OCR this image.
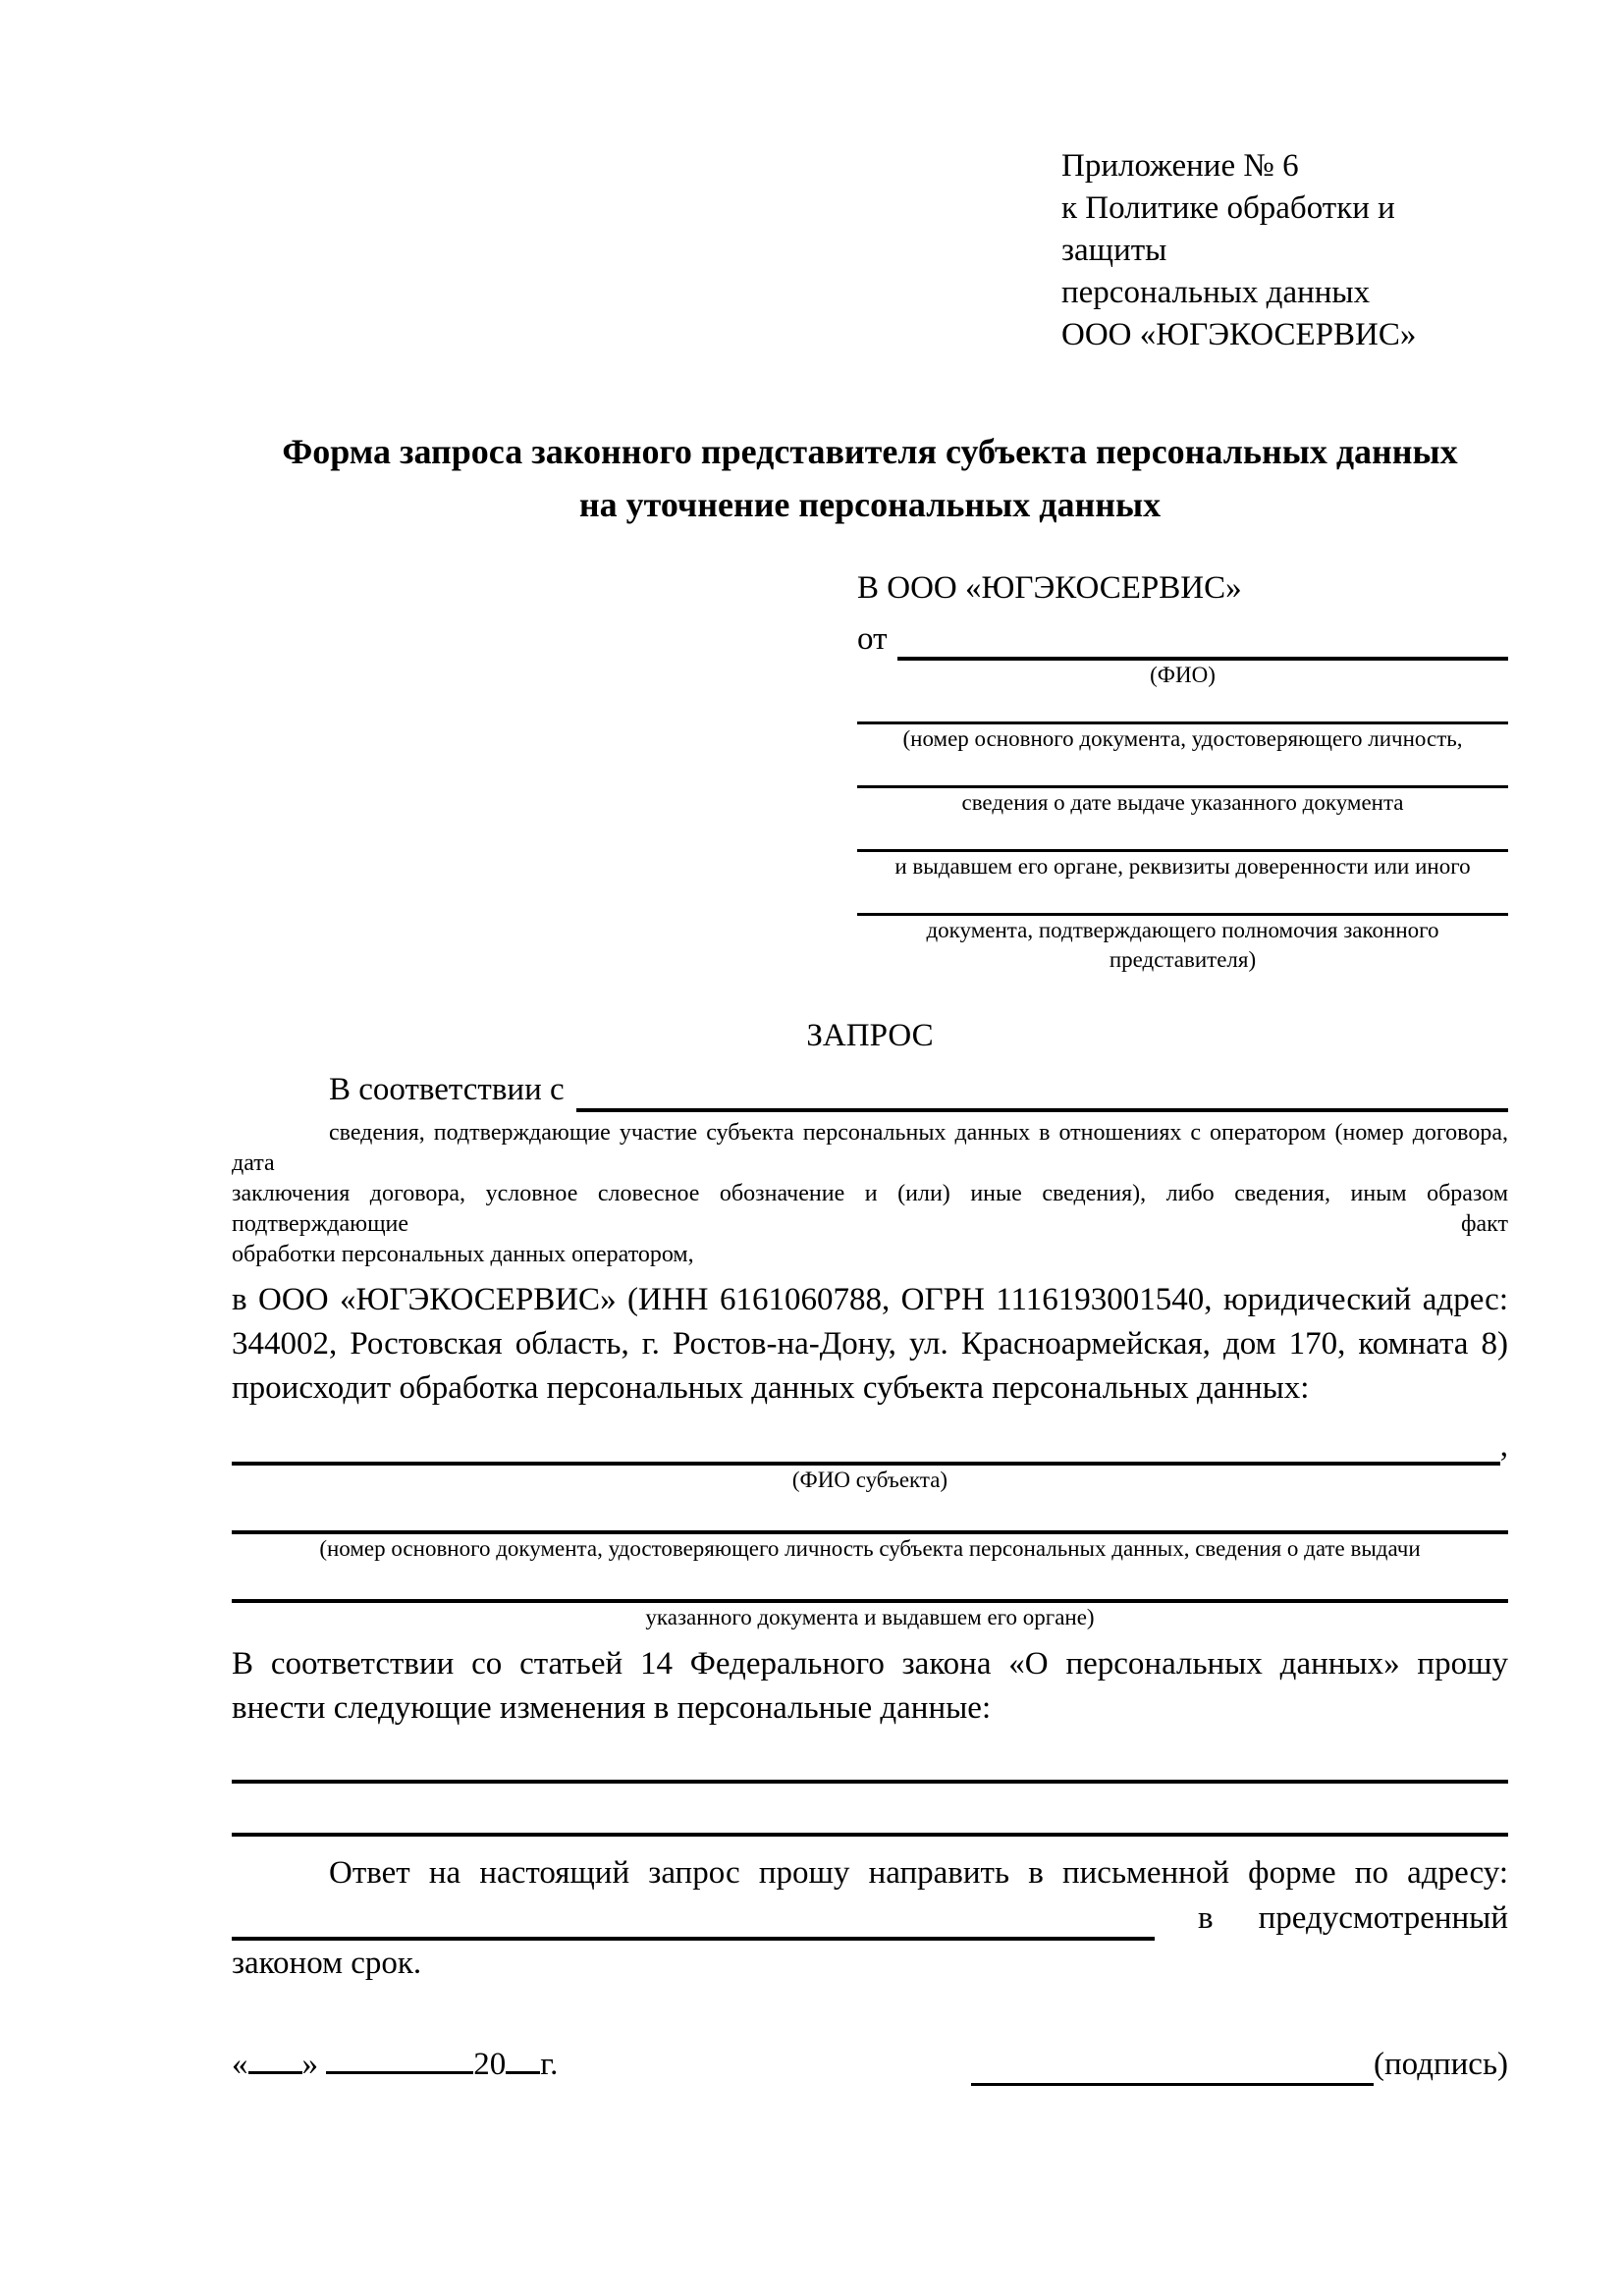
Приложение № 6
к Политике обработки и защиты
персональных данных
ООО «ЮГЭКОСЕРВИС»
Форма запроса законного представителя субъекта персональных данных
на уточнение персональных данных
В ООО «ЮГЭКОСЕРВИС»
от
(ФИО)
(номер основного документа, удостоверяющего личность,
сведения о дате выдаче указанного документа
и выдавшем его органе, реквизиты доверенности или иного
документа, подтверждающего полномочия законного представителя)
ЗАПРОС
В соответствии с
сведения, подтверждающие участие субъекта персональных данных в отношениях с оператором (номер договора, дата
заключения договора, условное словесное обозначение и (или) иные сведения), либо сведения, иным образом подтверждающие факт
обработки персональных данных оператором,
в ООО «ЮГЭКОСЕРВИС» (ИНН 6161060788, ОГРН 1116193001540, юридический адрес:
344002, Ростовская область, г. Ростов-на-Дону, ул. Красноармейская, дом 170, комната 8)
происходит обработка персональных данных субъекта персональных данных:
,
(ФИО субъекта)
(номер основного документа, удостоверяющего личность субъекта персональных данных, сведения о дате выдачи
указанного документа и выдавшем его органе)
В соответствии со статьей 14 Федерального закона «О персональных данных» прошу
внести следующие изменения в персональные данные:
Ответ на настоящий запрос прошу направить в письменной форме по адресу:
в предусмотренный
законом срок.
« »	20 г.	(подпись)
